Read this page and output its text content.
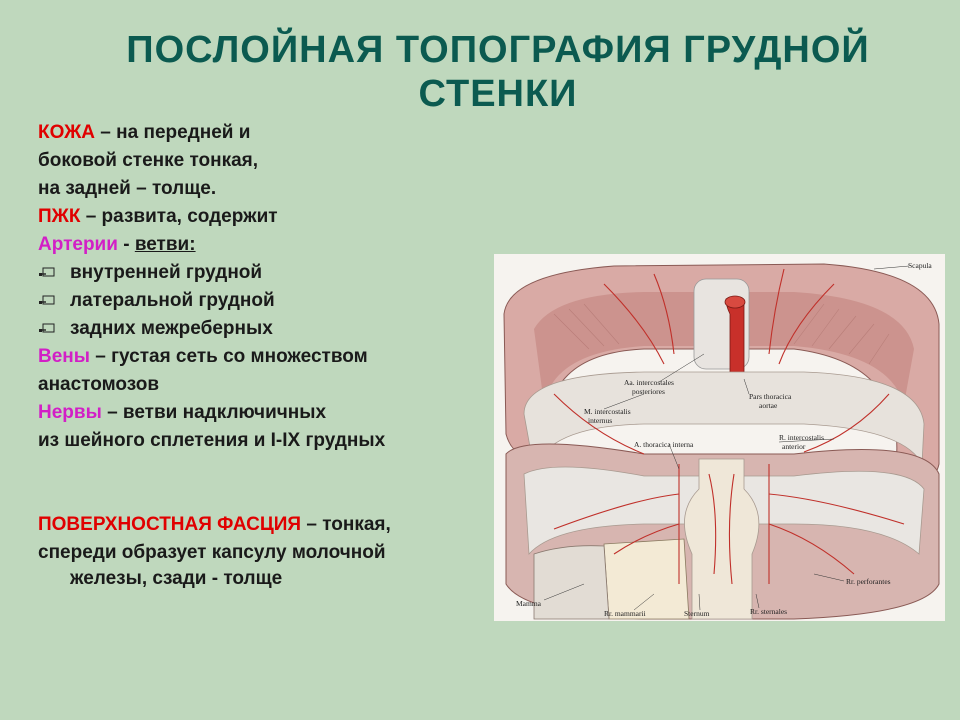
ПОСЛОЙНАЯ ТОПОГРАФИЯ ГРУДНОЙ
СТЕНКИ
КОЖА – на передней и
боковой стенке тонкая,
на задней – толще.
ПЖК – развита, содержит
Артерии - ветви:
внутренней грудной
латеральной грудной
задних межреберных
Вены – густая сеть со множеством
анастомозов
Нервы – ветви надключичных
из шейного сплетения и I-IX грудных
ПОВЕРХНОСТНАЯ ФАСЦИЯ – тонкая,
спереди образует капсулу молочной
железы, сзади - толще
Scapula
Aa. intercostales
posteriores
Pars thoracica
aortae
M. intercostalis
internus
A. thoracica interna
R. intercostalis
anterior
Rr. perforantes
Mamma
Rr. mammarii	Sternum	Rr. sternales
